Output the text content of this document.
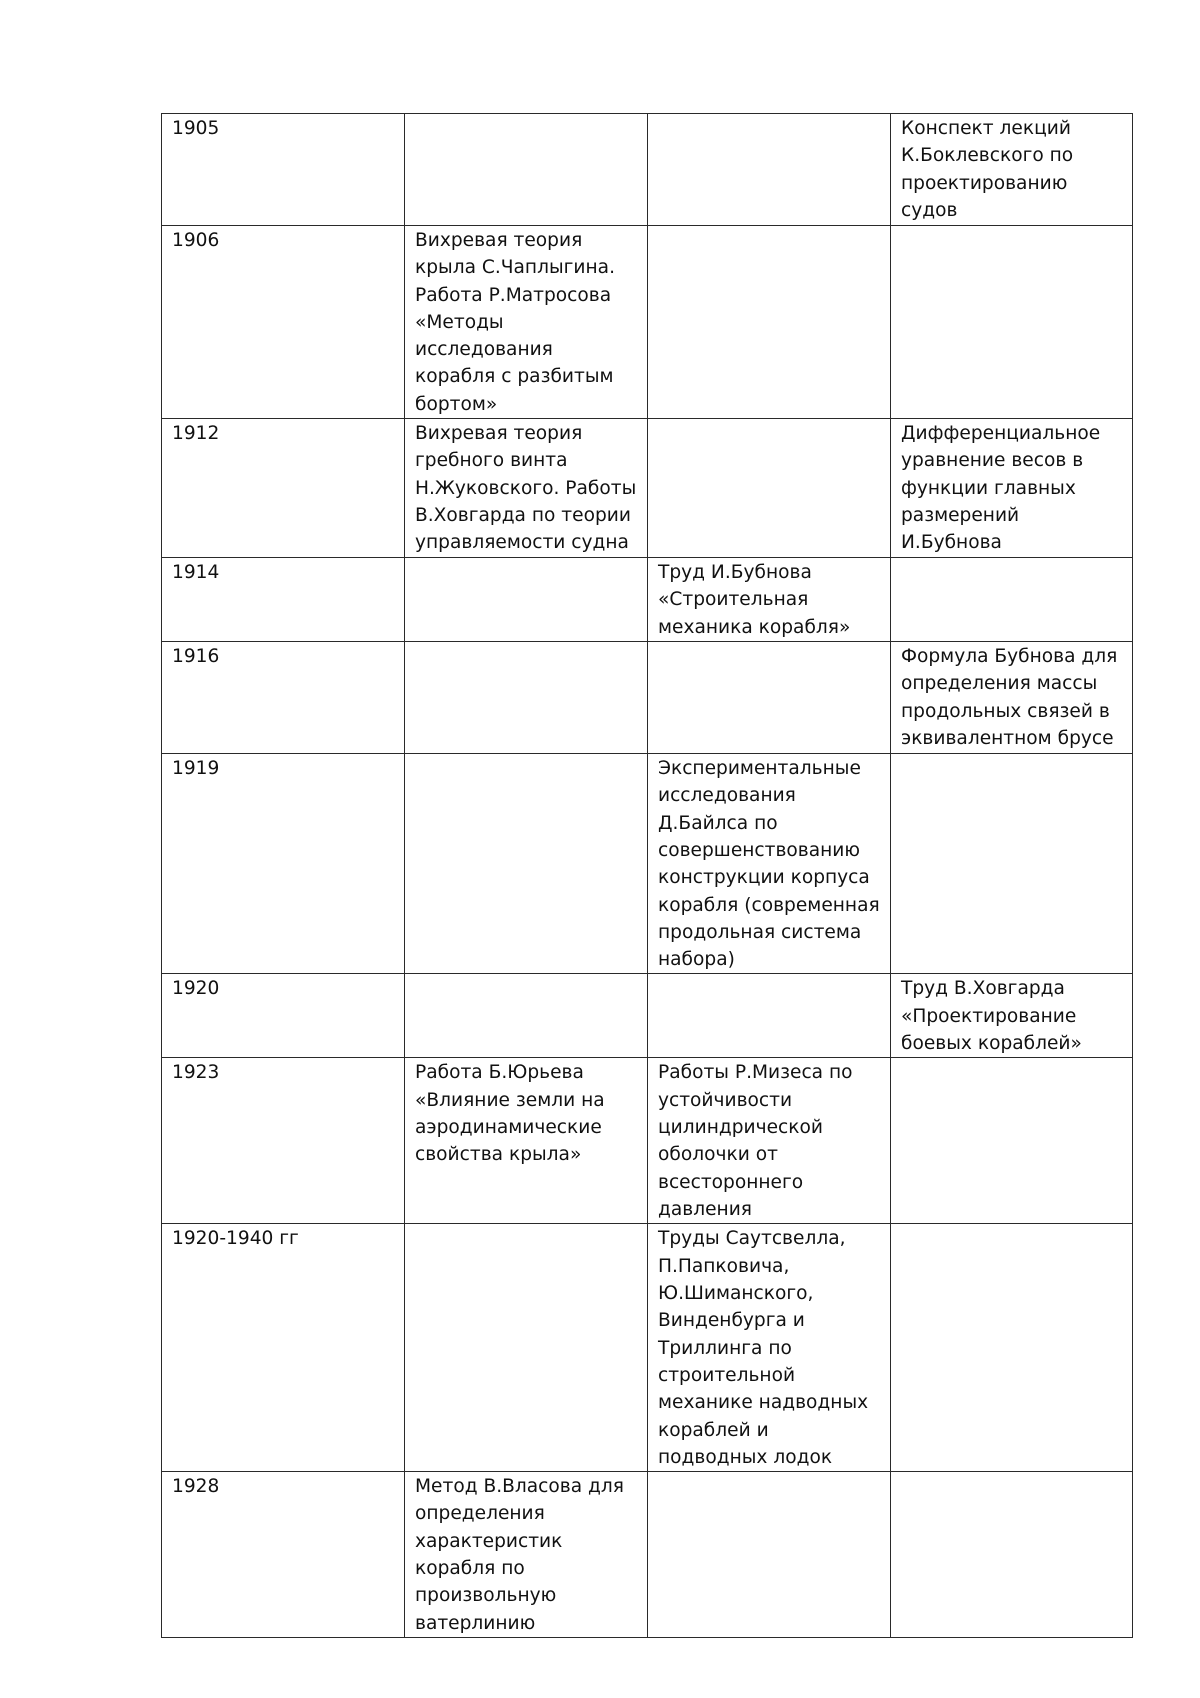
1905			Конспект лекций К.Боклевского по проектированию судов

1906	Вихревая теория крыла С.Чаплыгина. Работа Р.Матросова «Методы исследования корабля с разбитым бортом»

1912	Вихревая теория гребного винта Н.Жуковского. Работы В.Ховгарда по теории управляемости судна

Дифференциальное уравнение весов в функции главных размерений И.Бубнова

1914		Труд И.Бубнова «Строительная механика корабля»

1916			Формула Бубнова для определения массы продольных связей в эквивалентном брусе

1919		Экспериментальные исследования Д.Байлса по совершенствованию конструкции корпуса корабля (современная продольная система набора)

1920			Труд В.Ховгарда «Проектирование боевых кораблей»

1923	Работа Б.Юрьева «Влияние земли на аэродинамические свойства крыла»

Работы Р.Мизеса по устойчивости цилиндрической оболочки от всестороннего давления

1920-1940 гг		Труды Саутсвелла, П.Папковича, Ю.Шиманского, Винденбурга и Триллинга по строительной механике надводных кораблей и подводных лодок

1928	Метод В.Власова для определения характеристик корабля по произвольную ватерлинию
